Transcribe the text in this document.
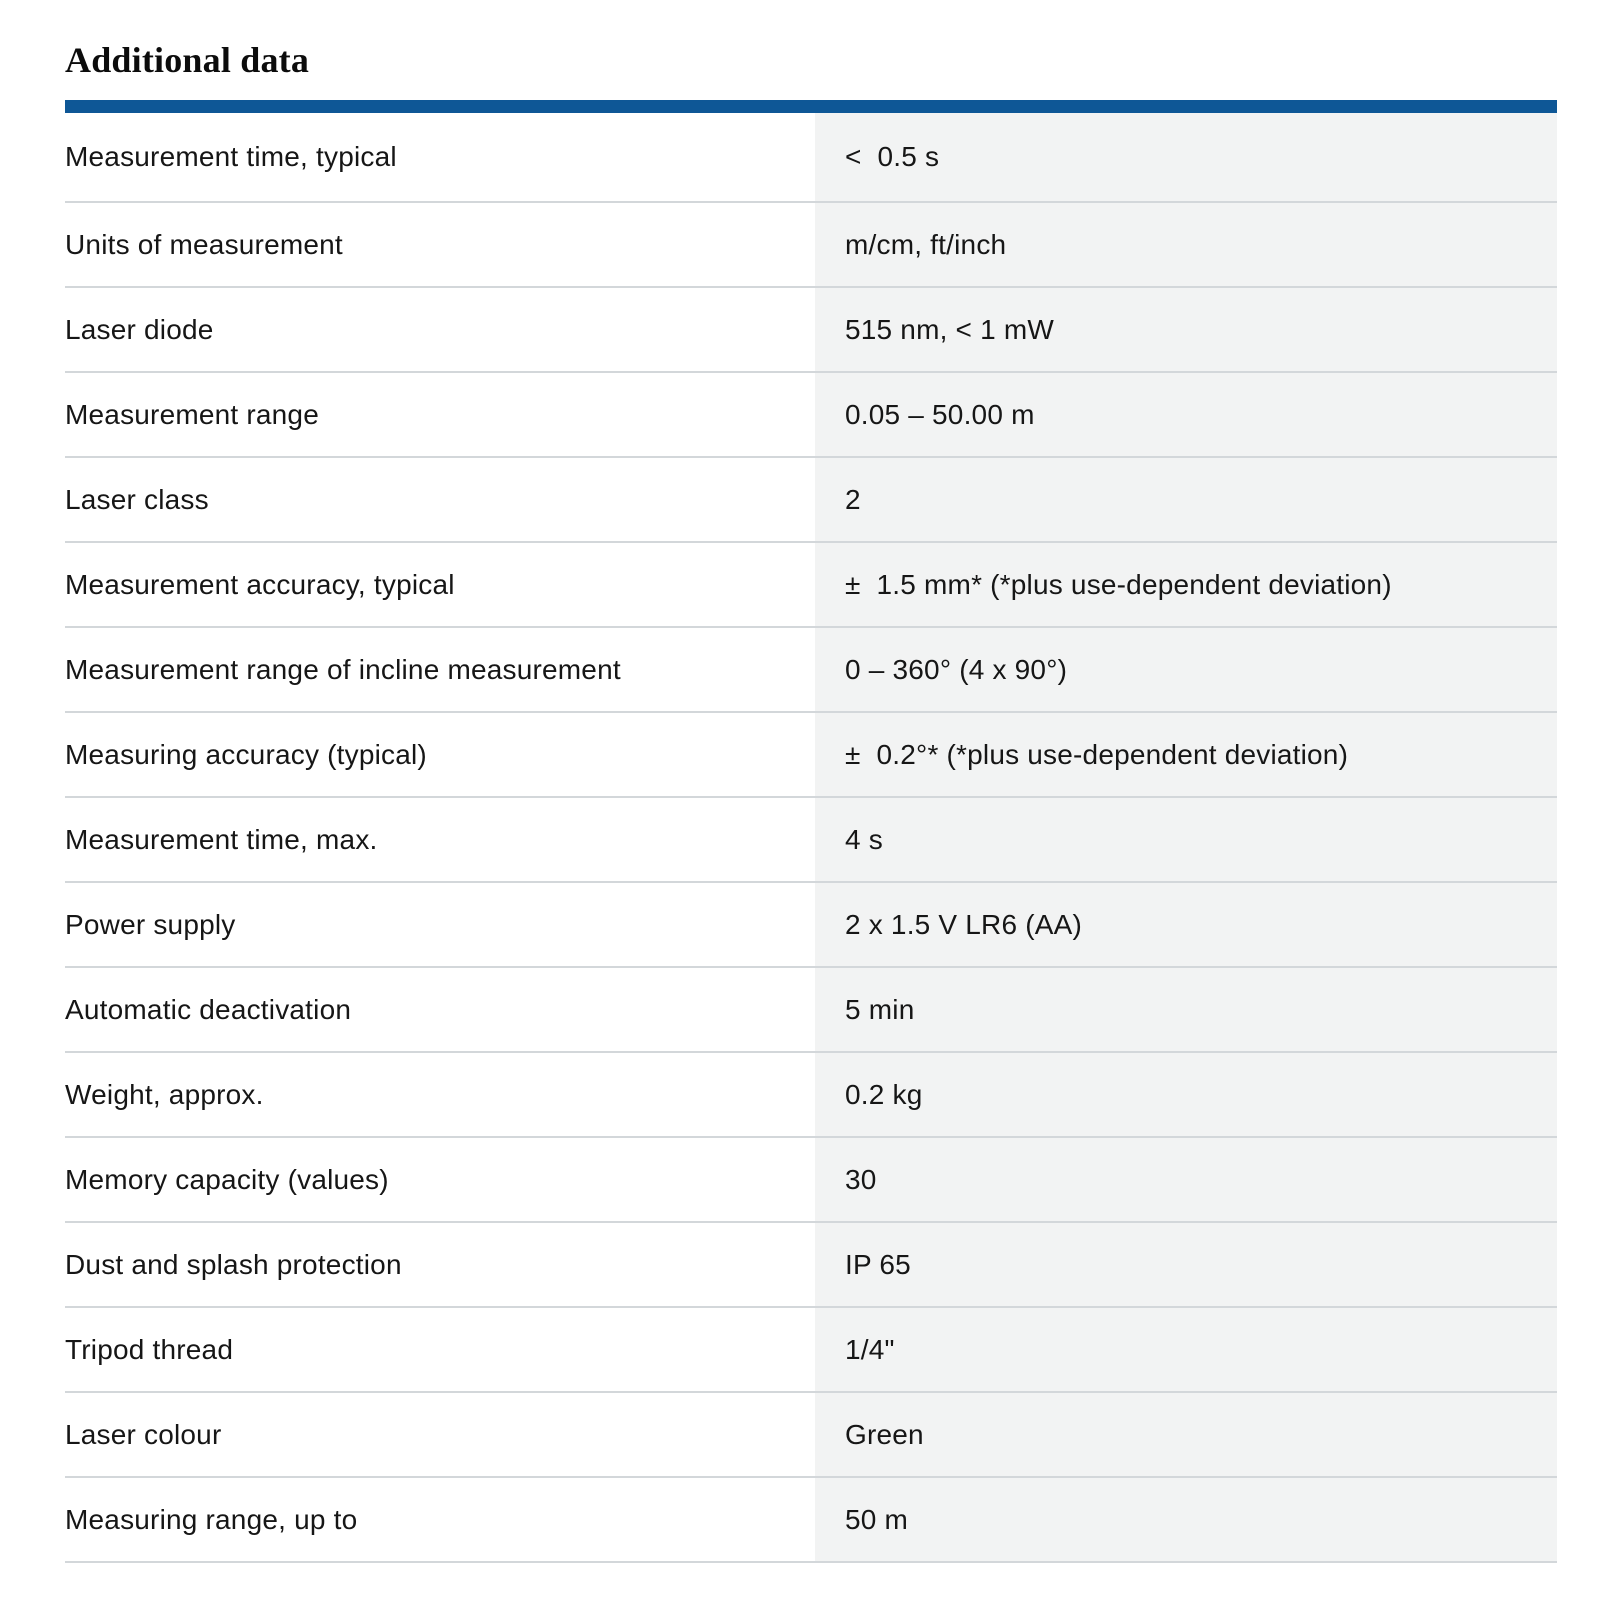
Additional data
Measurement time, typical	<  0.5 s
Units of measurement	m/cm, ft/inch
Laser diode	515 nm, < 1 mW
Measurement range	0.05 – 50.00 m
Laser class	2
Measurement accuracy, typical	±  1.5 mm* (*plus use-dependent deviation)
Measurement range of incline measurement	0 – 360° (4 x 90°)
Measuring accuracy (typical)	±  0.2°* (*plus use-dependent deviation)
Measurement time, max.	4 s
Power supply	2 x 1.5 V LR6 (AA)
Automatic deactivation	5 min
Weight, approx.	0.2 kg
Memory capacity (values)	30
Dust and splash protection	IP 65
Tripod thread	1/4"
Laser colour	Green
Measuring range, up to	50 m
